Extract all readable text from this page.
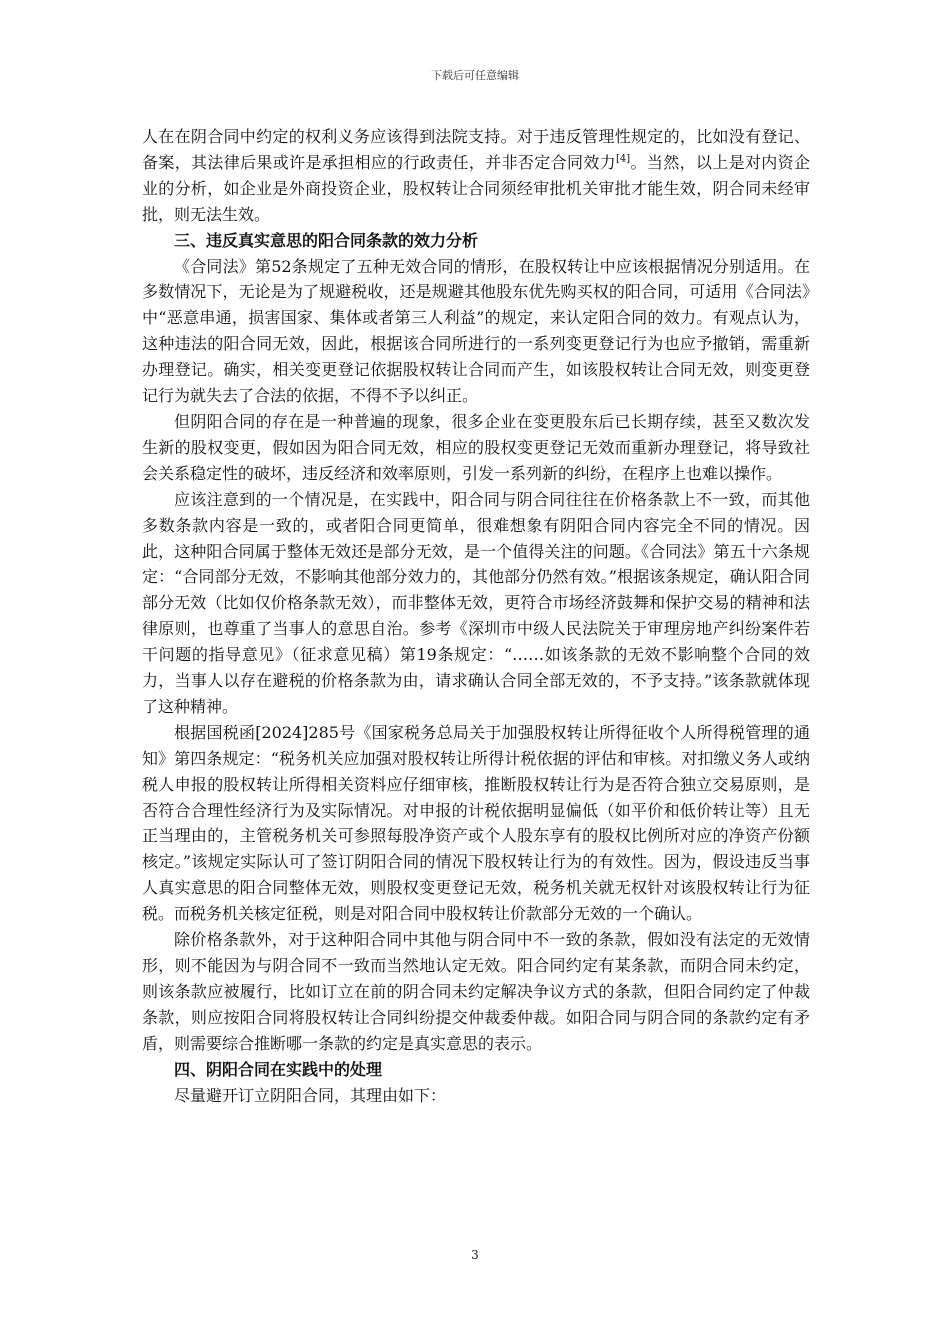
下载后可任意编辑

人在在阴合同中约定的权利义务应该得到法院支持。对于违反管理性规定的，比如没有登记、备案，其法律后果或许是承担相应的行政责任，并非否定合同效力[4]。当然，以上是对内资企业的分析，如企业是外商投资企业，股权转让合同须经审批机关审批才能生效，阴合同未经审批，则无法生效。

三、违反真实意思的阳合同条款的效力分析

《合同法》第52条规定了五种无效合同的情形，在股权转让中应该根据情况分别适用。在多数情况下，无论是为了规避税收，还是规避其他股东优先购买权的阳合同，可适用《合同法》中“恶意串通，损害国家、集体或者第三人利益”的规定，来认定阳合同的效力。有观点认为，这种违法的阳合同无效，因此，根据该合同所进行的一系列变更登记行为也应予撤销，需重新办理登记。确实，相关变更登记依据股权转让合同而产生，如该股权转让合同无效，则变更登记行为就失去了合法的依据，不得不予以纠正。

但阴阳合同的存在是一种普遍的现象，很多企业在变更股东后已长期存续，甚至又数次发生新的股权变更，假如因为阳合同无效，相应的股权变更登记无效而重新办理登记，将导致社会关系稳定性的破坏，违反经济和效率原则，引发一系列新的纠纷，在程序上也难以操作。

应该注意到的一个情况是，在实践中，阳合同与阴合同往往在价格条款上不一致，而其他多数条款内容是一致的，或者阳合同更简单，很难想象有阴阳合同内容完全不同的情况。因此，这种阳合同属于整体无效还是部分无效，是一个值得关注的问题。《合同法》第五十六条规定：“合同部分无效，不影响其他部分效力的，其他部分仍然有效。”根据该条规定，确认阳合同部分无效（比如仅价格条款无效），而非整体无效，更符合市场经济鼓舞和保护交易的精神和法律原则，也尊重了当事人的意思自治。参考《深圳市中级人民法院关于审理房地产纠纷案件若干问题的指导意见》（征求意见稿）第19条规定：“……如该条款的无效不影响整个合同的效力，当事人以存在避税的价格条款为由，请求确认合同全部无效的，不予支持。”该条款就体现了这种精神。

根据国税函[2024]285号《国家税务总局关于加强股权转让所得征收个人所得税管理的通知》第四条规定：“税务机关应加强对股权转让所得计税依据的评估和审核。对扣缴义务人或纳税人申报的股权转让所得相关资料应仔细审核，推断股权转让行为是否符合独立交易原则，是否符合合理性经济行为及实际情况。对申报的计税依据明显偏低（如平价和低价转让等）且无正当理由的，主管税务机关可参照每股净资产或个人股东享有的股权比例所对应的净资产份额核定。”该规定实际认可了签订阴阳合同的情况下股权转让行为的有效性。因为，假设违反当事人真实意思的阳合同整体无效，则股权变更登记无效，税务机关就无权针对该股权转让行为征税。而税务机关核定征税，则是对阳合同中股权转让价款部分无效的一个确认。

除价格条款外，对于这种阳合同中其他与阴合同中不一致的条款，假如没有法定的无效情形，则不能因为与阴合同不一致而当然地认定无效。阳合同约定有某条款，而阴合同未约定，则该条款应被履行，比如订立在前的阴合同未约定解决争议方式的条款，但阳合同约定了仲裁条款，则应按阳合同将股权转让合同纠纷提交仲裁委仲裁。如阳合同与阴合同的条款约定有矛盾，则需要综合推断哪一条款的约定是真实意思的表示。

四、阴阳合同在实践中的处理

尽量避开订立阴阳合同，其理由如下：

3
